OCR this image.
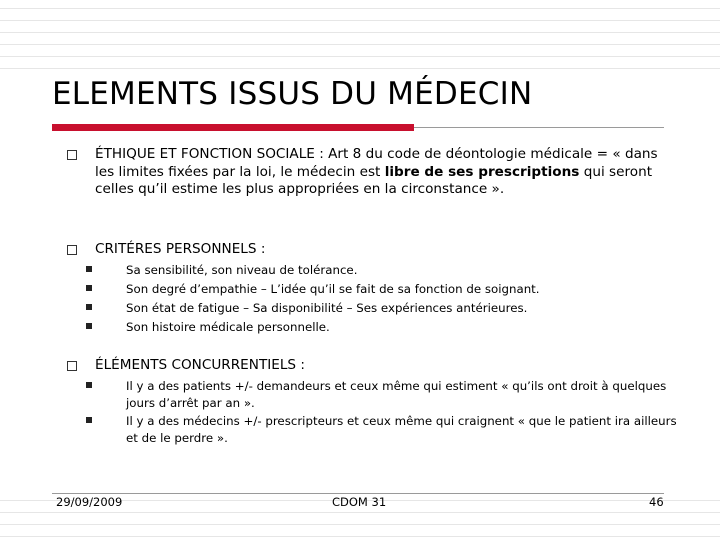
ELEMENTS ISSUS DU MÉDECIN
ÉTHIQUE ET FONCTION SOCIALE : Art 8 du code de déontologie médicale = « dans les limites fixées par la loi, le médecin est libre de ses prescriptions qui seront celles qu’il estime les plus appropriées en la circonstance ».
CRITÉRES PERSONNELS :
Sa sensibilité, son niveau de tolérance.
Son degré d’empathie – L’idée qu’il se fait de sa fonction de soignant.
Son état de fatigue – Sa disponibilité – Ses expériences antérieures.
Son histoire médicale personnelle.
ÉLÉMENTS CONCURRENTIELS :
Il y a des patients +/- demandeurs et ceux même qui estiment « qu’ils ont droit à quelques jours d’arrêt par an ».
Il y a des médecins +/- prescripteurs et ceux même qui craignent « que le patient ira ailleurs et de le perdre ».
29/09/2009	CDOM 31	46
